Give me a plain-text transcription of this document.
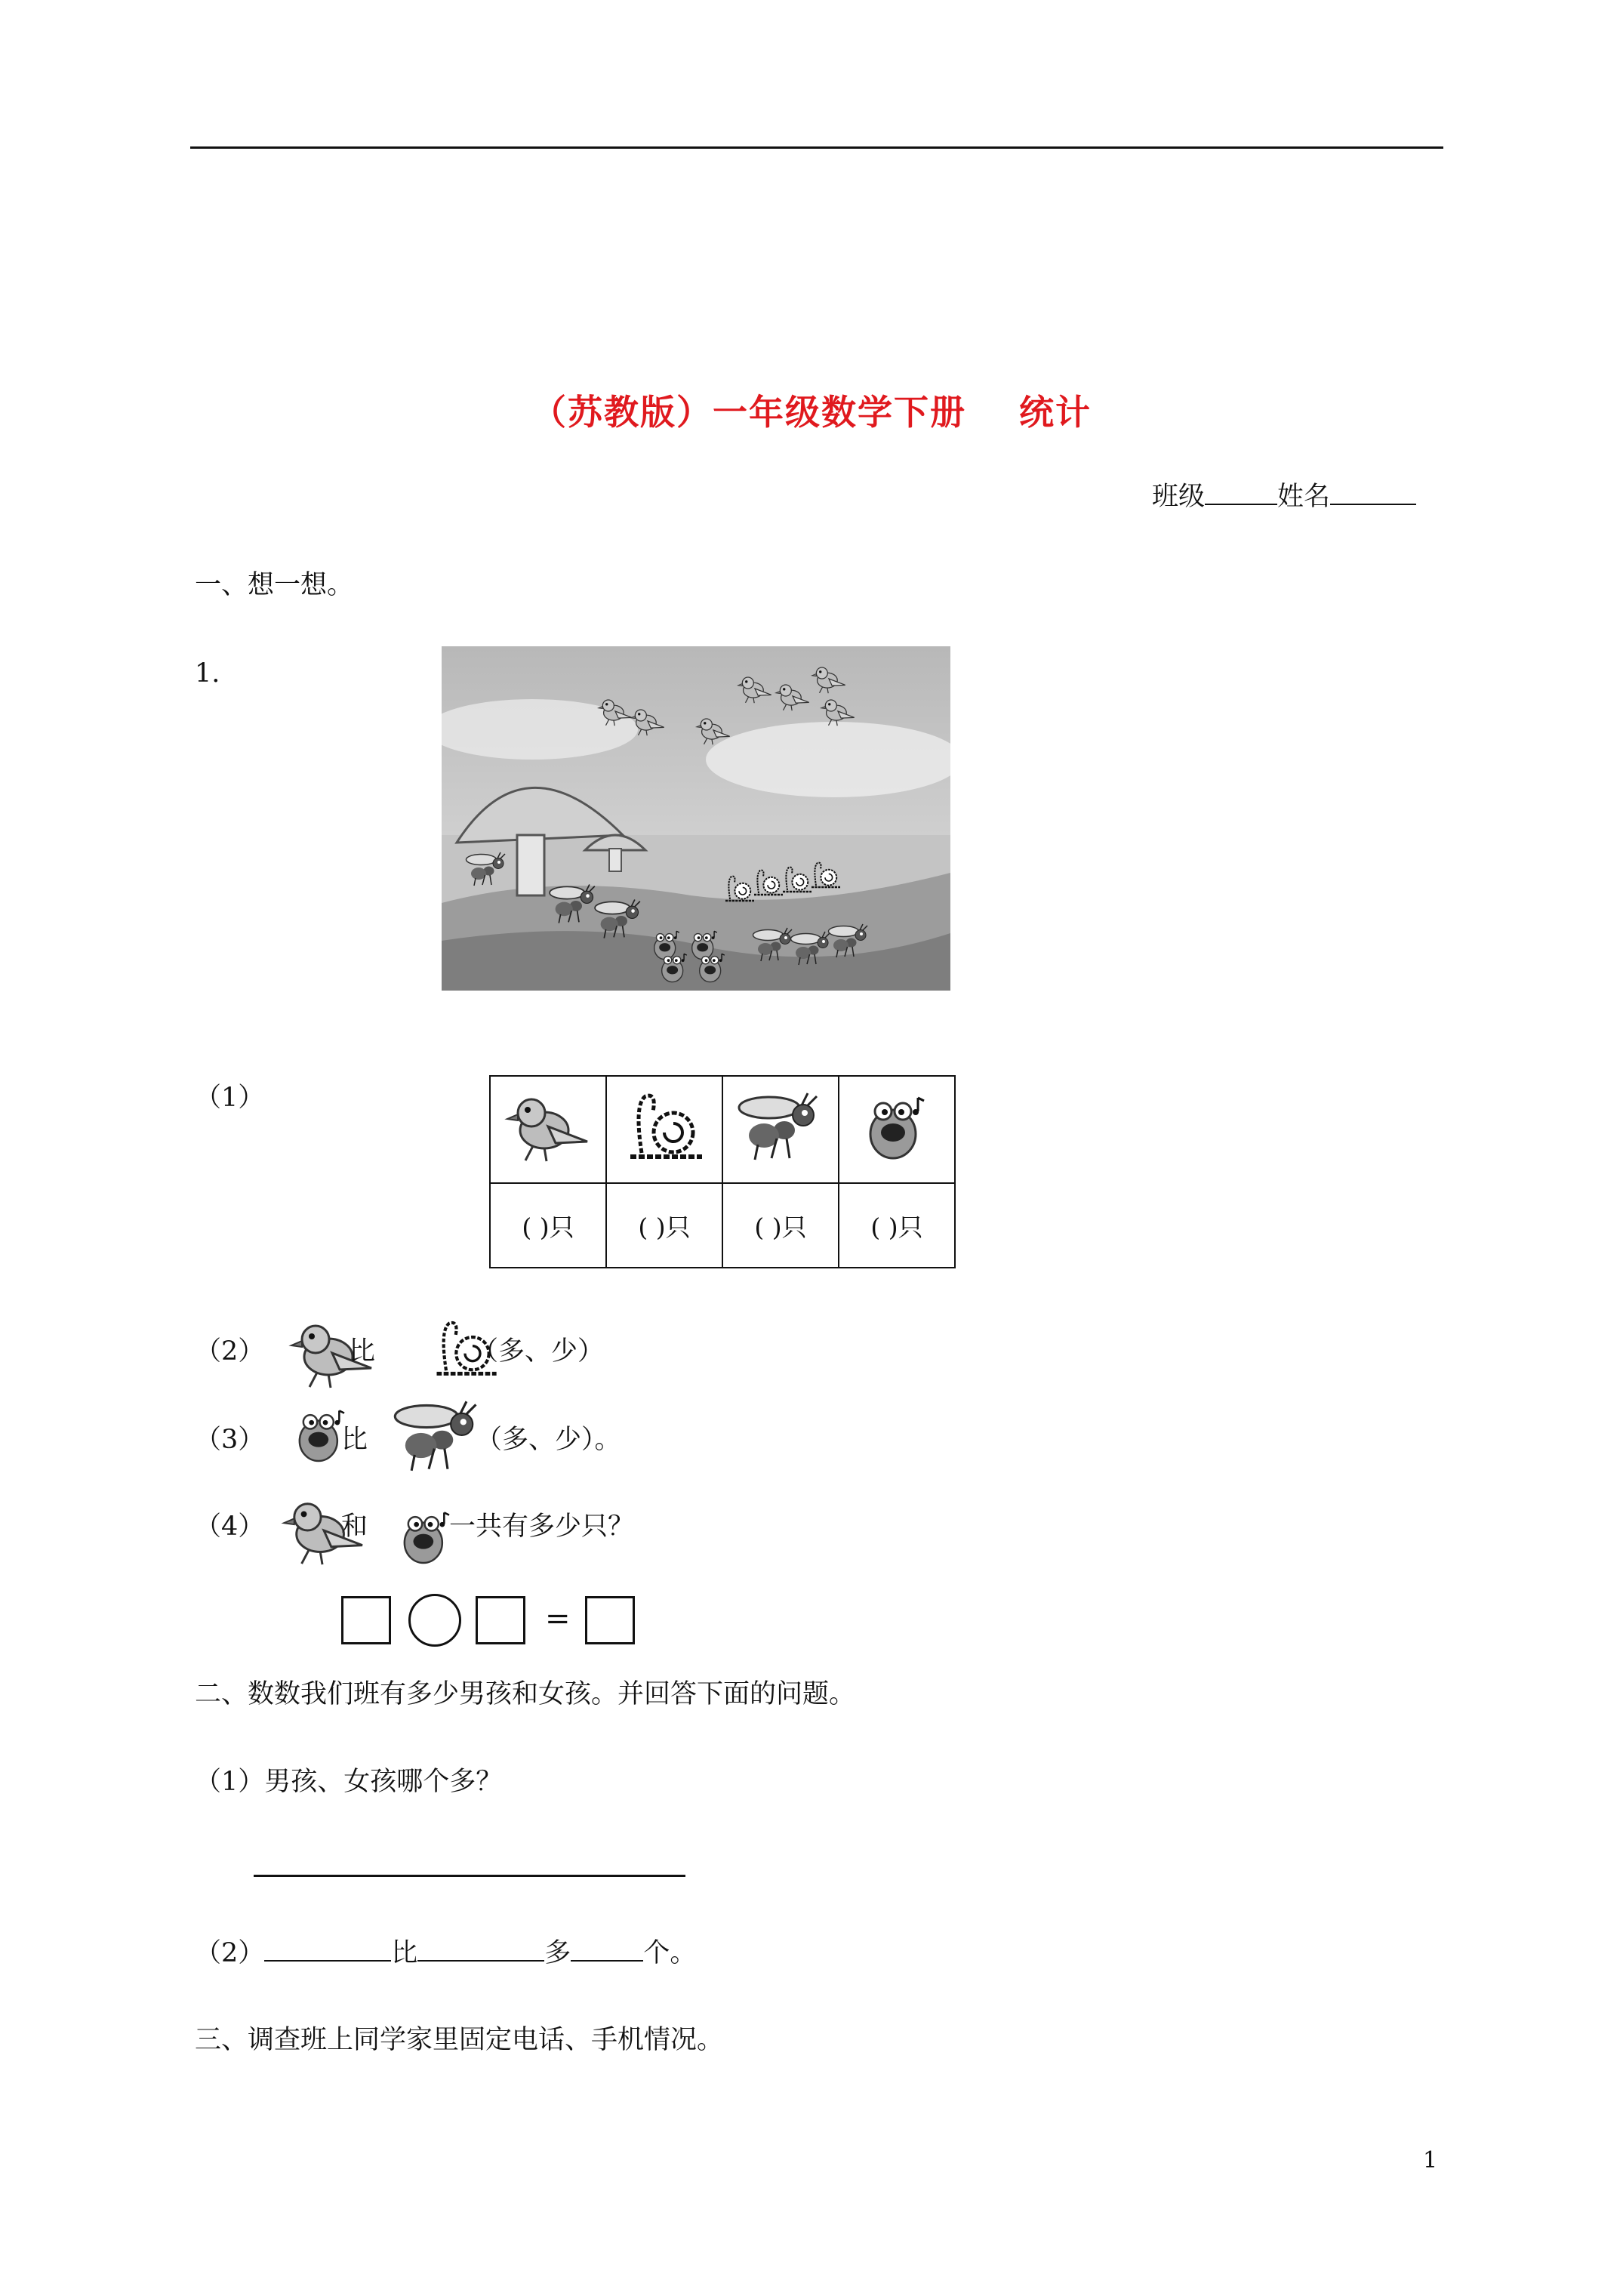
（苏教版）一年级数学下册 统计
班级	姓名
一、想一想。
1.
（1）

( )只	( )只	( )只	( )只
（2）	比	（多、少）
（3）	比	（多、少）。
（4）	和	一共有多少只？
=
二、数数我们班有多少男孩和女孩。并回答下面的问题。
（1）男孩、女孩哪个多？
（2）	比	多	个。
三、调查班上同学家里固定电话、手机情况。
1
